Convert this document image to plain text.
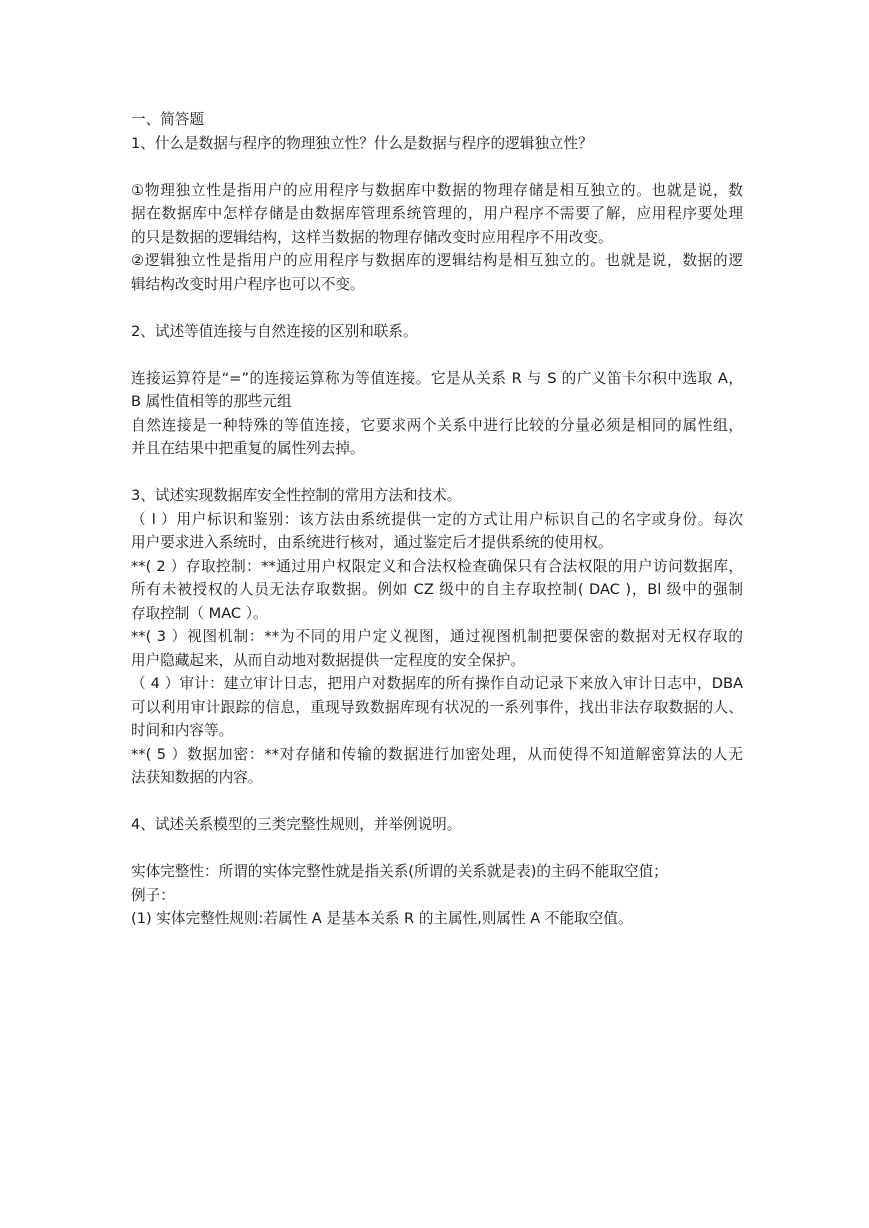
一、简答题
1、什么是数据与程序的物理独立性？什么是数据与程序的逻辑独立性？
①物理独立性是指用户的应用程序与数据库中数据的物理存储是相互独立的。也就是说，数
据在数据库中怎样存储是由数据库管理系统管理的，用户程序不需要了解，应用程序要处理
的只是数据的逻辑结构，这样当数据的物理存储改变时应用程序不用改变。
②逻辑独立性是指用户的应用程序与数据库的逻辑结构是相互独立的。也就是说，数据的逻
辑结构改变时用户程序也可以不变。
2、试述等值连接与自然连接的区别和联系。
连接运算符是“=”的连接运算称为等值连接。它是从关系 R 与 S 的广义笛卡尔积中选取 A，
B 属性值相等的那些元组
自然连接是一种特殊的等值连接，它要求两个关系中进行比较的分量必须是相同的属性组，
并且在结果中把重复的属性列去掉。
3、试述实现数据库安全性控制的常用方法和技术。
（ l ）用户标识和鉴别：该方法由系统提供一定的方式让用户标识自己的名字或身份。每次
用户要求进入系统时，由系统进行核对，通过鉴定后才提供系统的使用权。
**( 2 ）存取控制：**通过用户权限定义和合法权检查确保只有合法权限的用户访问数据库，
所有未被授权的人员无法存取数据。例如 CZ 级中的自主存取控制( DAC )，Bl 级中的强制
存取控制（ MAC ）。
**( 3 ）视图机制：**为不同的用户定义视图，通过视图机制把要保密的数据对无权存取的
用户隐藏起来，从而自动地对数据提供一定程度的安全保护。
（ 4 ）审计：建立审计日志，把用户对数据库的所有操作自动记录下来放入审计日志中，DBA
可以利用审计跟踪的信息，重现导致数据库现有状况的一系列事件，找出非法存取数据的人、
时间和内容等。
**( 5 ）数据加密：**对存储和传输的数据进行加密处理，从而使得不知道解密算法的人无
法获知数据的内容。
4、试述关系模型的三类完整性规则，并举例说明。
实体完整性：所谓的实体完整性就是指关系(所谓的关系就是表)的主码不能取空值；
例子：
(1) 实体完整性规则:若属性 A 是基本关系 R 的主属性,则属性 A 不能取空值。
